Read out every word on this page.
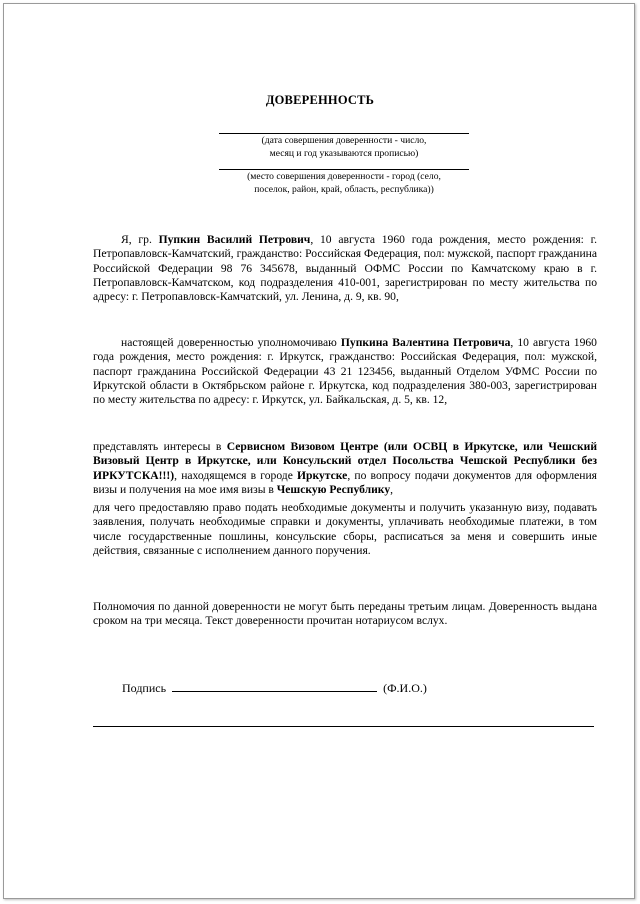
ДОВЕРЕННОСТЬ
(дата совершения доверенности - число,
месяц и год указываются прописью)
(место совершения доверенности - город (село,
поселок, район, край, область, республика))

Я, гр. Пупкин Василий Петрович, 10 августа 1960 года рождения, место рождения: г. Петропавловск-Камчатский, гражданство: Российская Федерация, пол: мужской, паспорт гражданина Российской Федерации 98 76 345678, выданный ОФМС России по Камчатскому краю в г. Петропавловск-Камчатском, код подразделения 410-001, зарегистрирован по месту жительства по адресу: г. Петропавловск-Камчатский, ул. Ленина, д. 9, кв. 90,

настоящей доверенностью уполномочиваю Пупкина Валентина Петровича, 10 августа 1960 года рождения, место рождения: г. Иркутск, гражданство: Российская Федерация, пол: мужской, паспорт гражданина Российской Федерации 43 21 123456, выданный Отделом УФМС России по Иркутской области в Октябрьском районе г. Иркутска, код подразделения 380-003, зарегистрирован по месту жительства по адресу: г. Иркутск, ул. Байкальская, д. 5, кв. 12,

представлять интересы в Сервисном Визовом Центре (или ОСВЦ в Иркутске, или Чешский Визовый Центр в Иркутске, или Консульский отдел Посольства Чешской Республики без ИРКУТСКА!!!), находящемся в городе Иркутске, по вопросу подачи документов для оформления визы и получения на мое имя визы в Чешскую Республику,

для чего предоставляю право подать необходимые документы и получить указанную визу, подавать заявления, получать необходимые справки и документы, уплачивать необходимые платежи, в том числе государственные пошлины, консульские сборы, расписаться за меня и совершить иные действия, связанные с исполнением данного поручения.

Полномочия по данной доверенности не могут быть переданы третьим лицам. Доверенность выдана сроком на три месяца. Текст доверенности прочитан нотариусом вслух.

Подпись	(Ф.И.О.)
